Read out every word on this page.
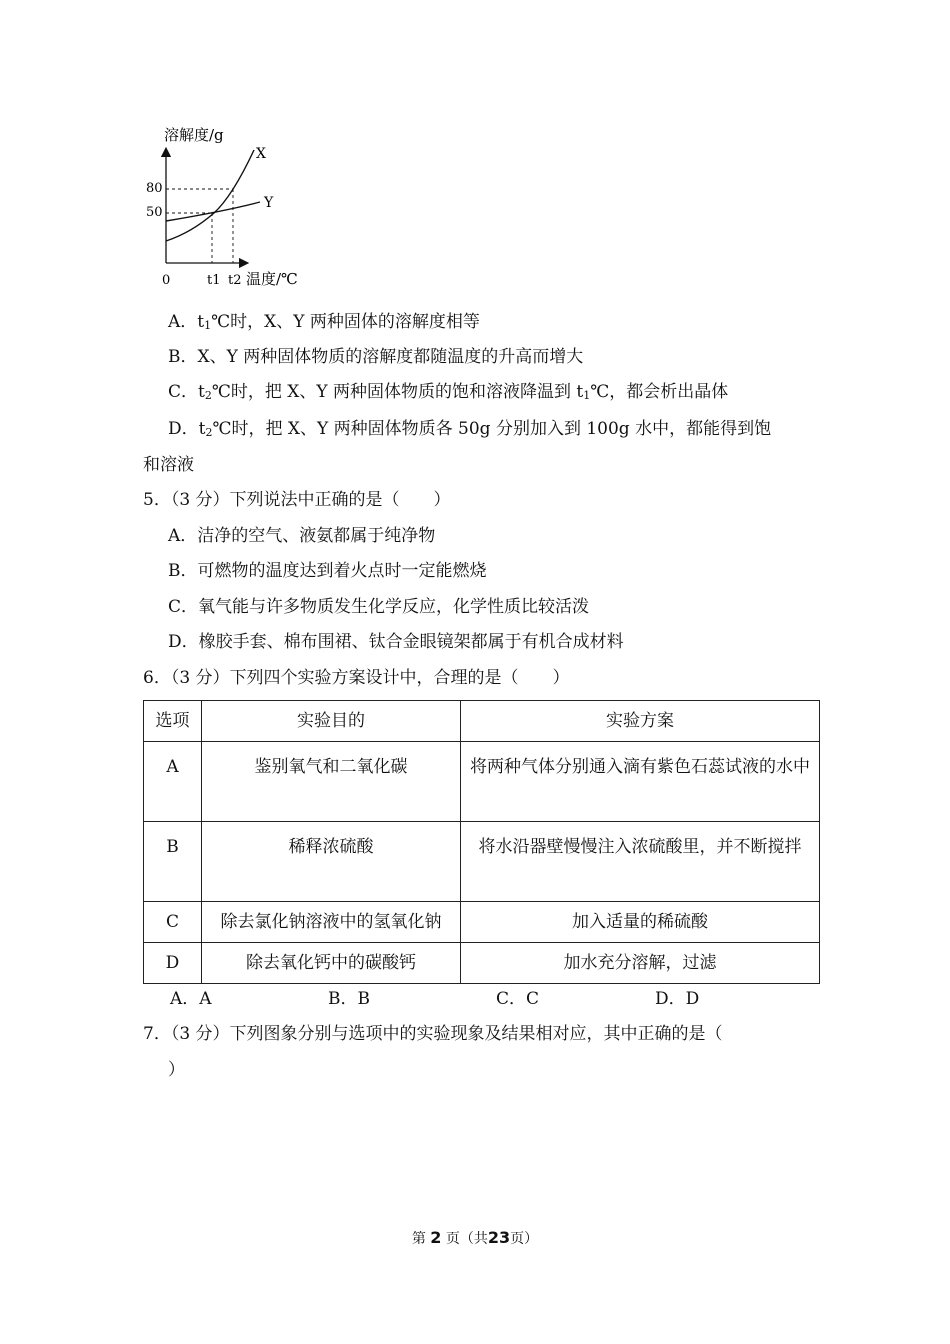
溶解度/g
温度/℃
0
80
50
t1 t2
X
Y
A．t1℃时，X、Y 两种固体的溶解度相等
B．X、Y 两种固体物质的溶解度都随温度的升高而增大
C．t2℃时，把 X、Y 两种固体物质的饱和溶液降温到 t1℃，都会析出晶体
D．t2℃时，把 X、Y 两种固体物质各 50g 分别加入到 100g 水中，都能得到饱
和溶液
5．（3 分）下列说法中正确的是（　　）
A．洁净的空气、液氨都属于纯净物
B．可燃物的温度达到着火点时一定能燃烧
C．氧气能与许多物质发生化学反应，化学性质比较活泼
D．橡胶手套、棉布围裙、钛合金眼镜架都属于有机合成材料
6．（3 分）下列四个实验方案设计中，合理的是（　　）
选项	实验目的	实验方案
A	鉴别氧气和二氧化碳	将两种气体分别通入滴有紫色石蕊试液的水中
B	稀释浓硫酸	将水沿器壁慢慢注入浓硫酸里，并不断搅拌
C	除去氯化钠溶液中的氢氧化钠	加入适量的稀硫酸
D	除去氧化钙中的碳酸钙	加水充分溶解，过滤
A．A	B．B	C．C	D．D
7．（3 分）下列图象分别与选项中的实验现象及结果相对应，其中正确的是（
）
第 2 页（共23页）
